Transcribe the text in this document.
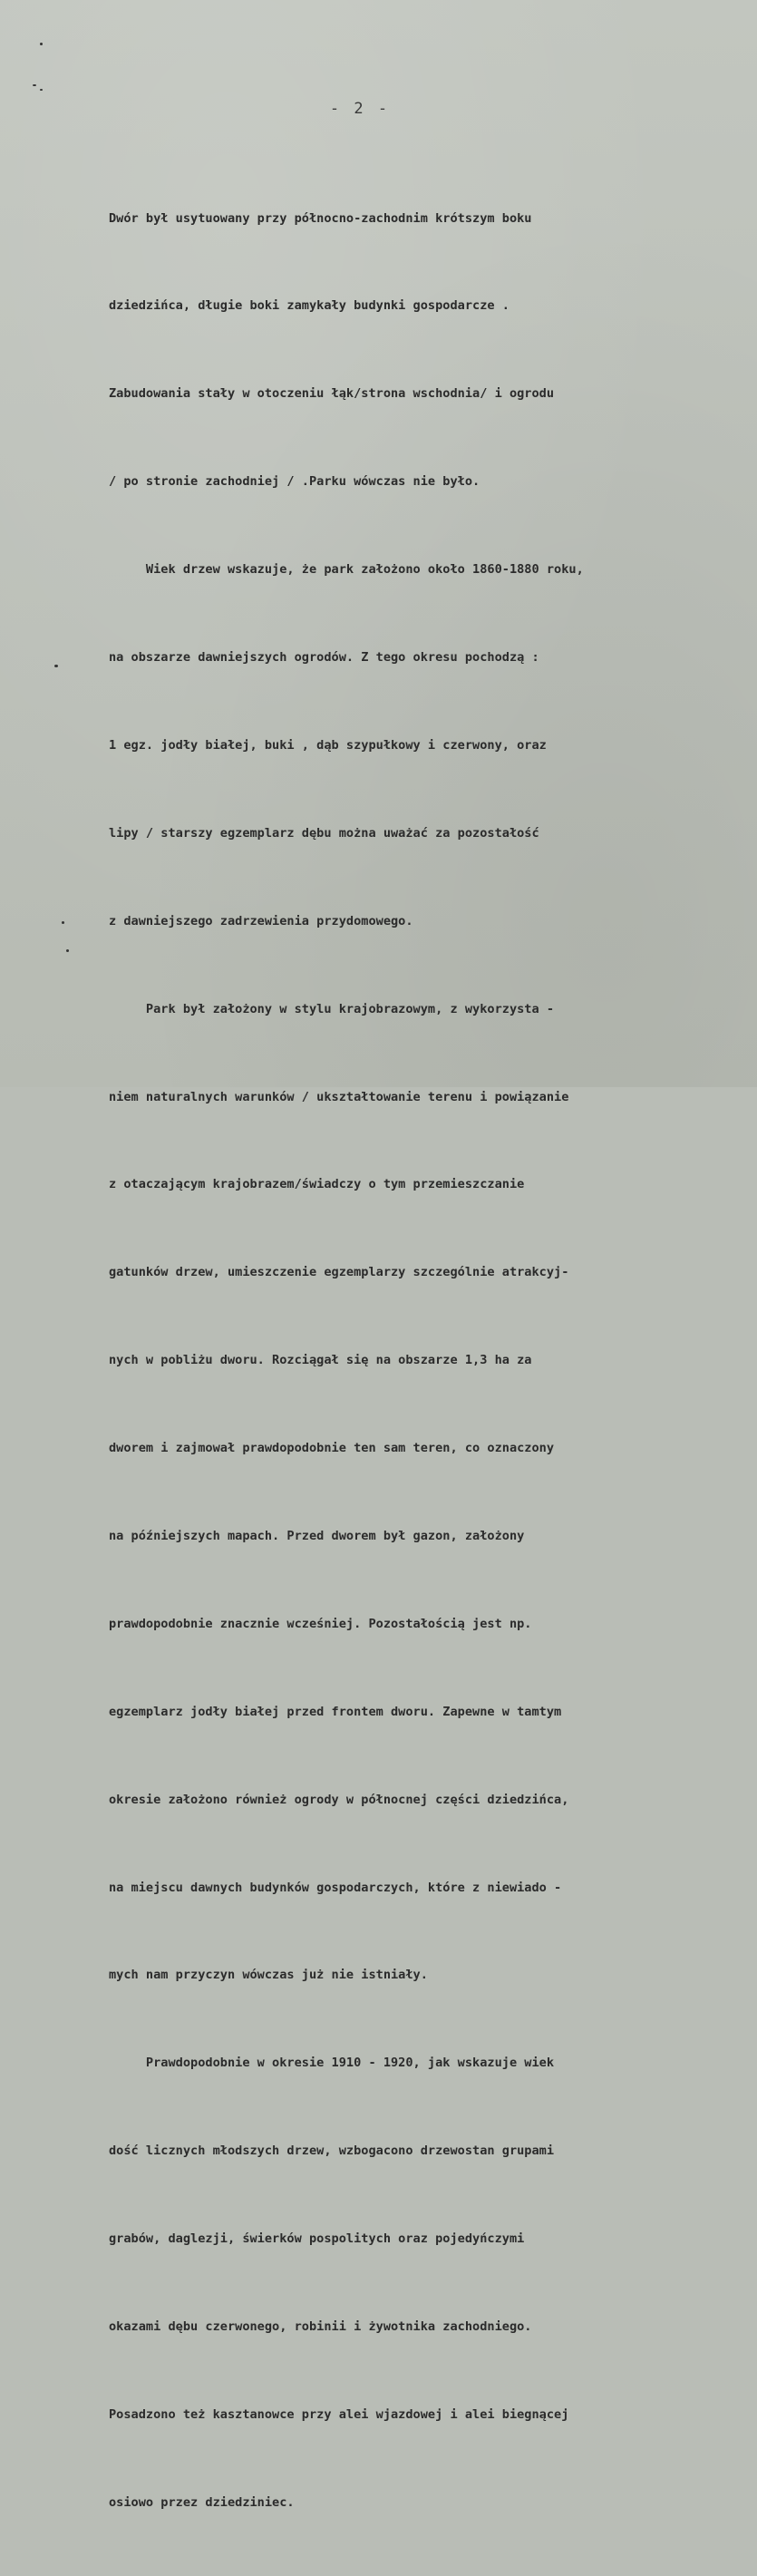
- 2 -

Dwór był usytuowany przy północno-zachodnim krótszym boku

dziedzińca, długie boki zamykały budynki gospodarcze .

Zabudowania stały w otoczeniu łąk/strona wschodnia/ i ogrodu

/ po stronie zachodniej / .Parku wówczas nie było.

Wiek drzew wskazuje, że park założono około 1860-1880 roku,

na obszarze dawniejszych ogrodów. Z tego okresu pochodzą :

1 egz. jodły białej, buki , dąb szypułkowy i czerwony, oraz

lipy / starszy egzemplarz dębu można uważać za pozostałość

z dawniejszego zadrzewienia przydomowego.

Park był założony w stylu krajobrazowym, z wykorzysta -

niem naturalnych warunków / ukształtowanie terenu i powiązanie

z otaczającym krajobrazem/świadczy o tym przemieszczanie

gatunków drzew, umieszczenie egzemplarzy szczególnie atrakcyj-

nych w pobliżu dworu. Rozciągał się na obszarze 1,3 ha za

dworem i zajmował prawdopodobnie ten sam teren, co oznaczony

na późniejszych mapach. Przed dworem był gazon, założony

prawdopodobnie znacznie wcześniej. Pozostałością jest np.

egzemplarz jodły białej przed frontem dworu. Zapewne w tamtym

okresie założono również ogrody w północnej części dziedzińca,

na miejscu dawnych budynków gospodarczych, które z niewiado -

mych nam przyczyn wówczas już nie istniały.

Prawdopodobnie w okresie 1910 - 1920, jak wskazuje wiek

dość licznych młodszych drzew, wzbogacono drzewostan grupami

grabów, daglezji, świerków pospolitych oraz pojedyńczymi

okazami dębu czerwonego, robinii i żywotnika zachodniego.

Posadzono też kasztanowce przy alei wjazdowej i alei biegnącej

osiowo przez dziedziniec.
